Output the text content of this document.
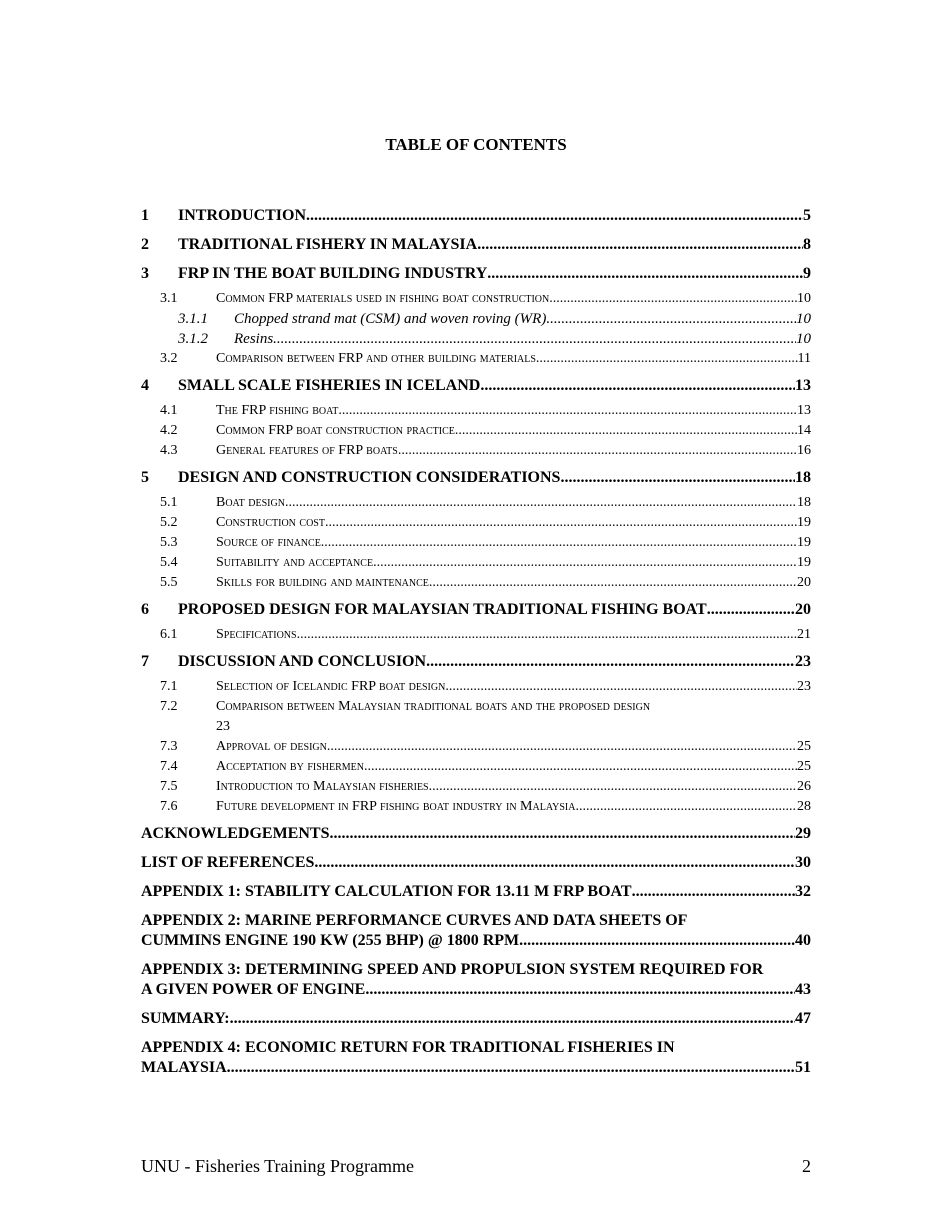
TABLE OF CONTENTS
1	INTRODUCTION .....	5
2	TRADITIONAL FISHERY IN MALAYSIA .....	8
3	FRP IN THE BOAT BUILDING INDUSTRY .....	9
3.1	Common FRP materials used in fishing boat construction .....	10
3.1.1	Chopped strand mat (CSM) and woven roving (WR) .....	10
3.1.2	Resins .....	10
3.2	Comparison between FRP and other building materials .....	11
4	SMALL SCALE FISHERIES IN ICELAND .....	13
4.1	The FRP fishing boat .....	13
4.2	Common FRP boat construction practice .....	14
4.3	General features of FRP boats .....	16
5	DESIGN AND CONSTRUCTION CONSIDERATIONS .....	18
5.1	Boat design .....	18
5.2	Construction cost .....	19
5.3	Source of finance .....	19
5.4	Suitability and acceptance .....	19
5.5	Skills for building and maintenance .....	20
6	PROPOSED DESIGN FOR MALAYSIAN TRADITIONAL FISHING BOAT .....	20
6.1	Specifications .....	21
7	DISCUSSION AND CONCLUSION .....	23
7.1	Selection of Icelandic FRP boat design .....	23
7.2	Comparison between Malaysian traditional boats and the proposed design
23
7.3	Approval of design .....	25
7.4	Acceptation by fishermen .....	25
7.5	Introduction to Malaysian fisheries .....	26
7.6	Future development in FRP fishing boat industry in Malaysia .....	28
ACKNOWLEDGEMENTS .....	29
LIST OF REFERENCES .....	30
APPENDIX 1: STABILITY CALCULATION FOR 13.11 M FRP BOAT .....	32
APPENDIX 2: MARINE PERFORMANCE CURVES AND DATA SHEETS OF
CUMMINS ENGINE 190 KW (255 BHP) @ 1800 RPM .....	40
APPENDIX 3: DETERMINING SPEED AND PROPULSION SYSTEM REQUIRED FOR
A GIVEN POWER OF ENGINE .....	43
SUMMARY: .....	47
APPENDIX 4: ECONOMIC RETURN FOR TRADITIONAL FISHERIES IN
MALAYSIA .....	51
UNU - Fisheries Training Programme	2
